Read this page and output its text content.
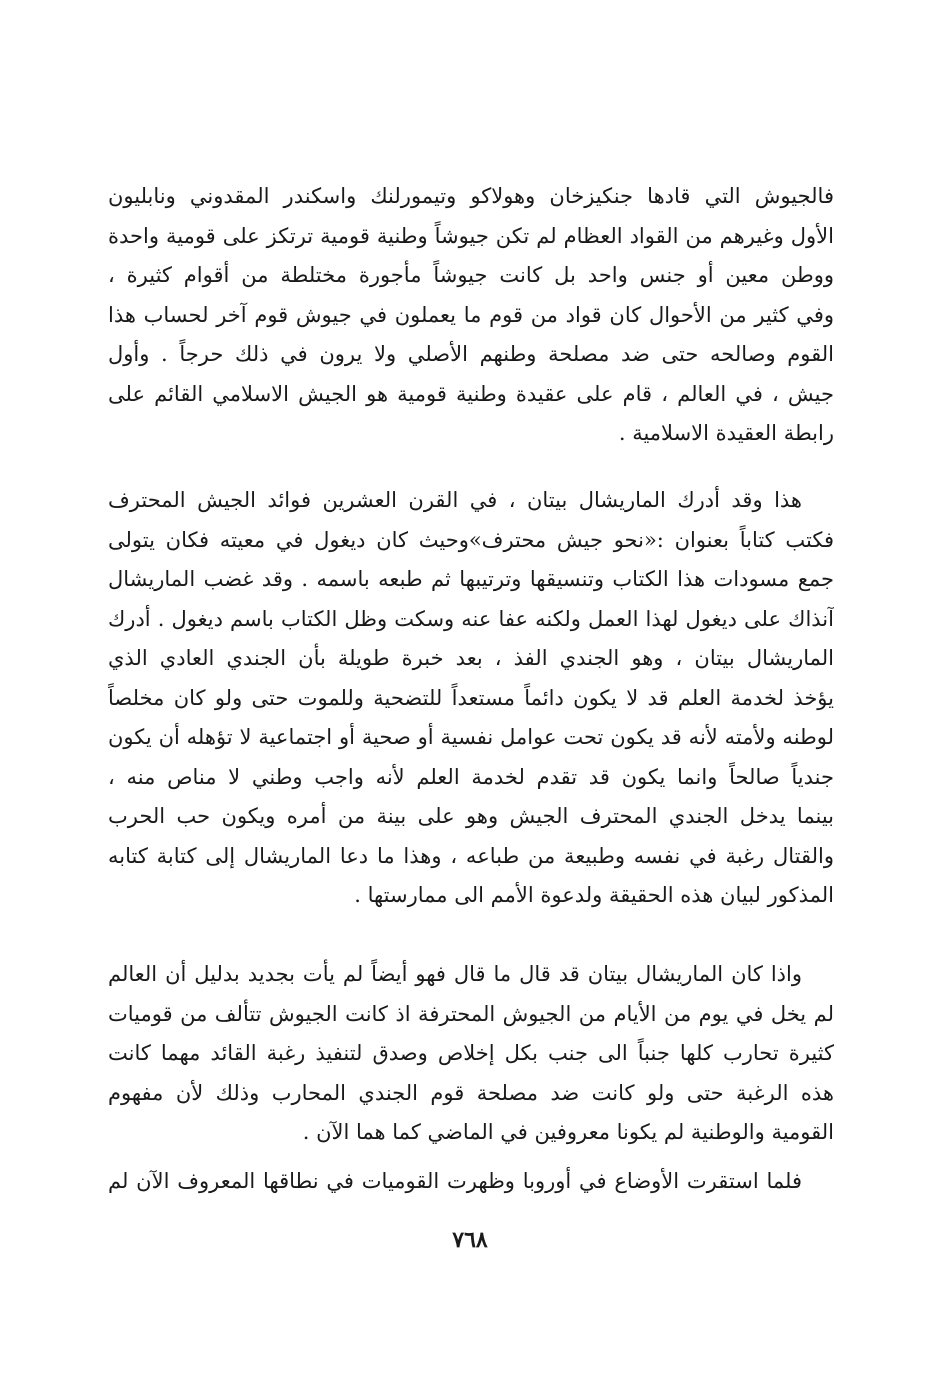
فالجيوش التي قادها جنكيزخان وهولاكو وتيمورلنك واسكندر المقدوني ونابليون
الأول وغيرهم من القواد العظام لم تكن جيوشاً وطنية قومية ترتكز على قومية واحدة
ووطن معين أو جنس واحد بل كانت جيوشاً مأجورة مختلطة من أقوام كثيرة ،
وفي كثير من الأحوال كان قواد من قوم ما يعملون في جيوش قوم آخر لحساب هذا
القوم وصالحه حتى ضد مصلحة وطنهم الأصلي ولا يرون في ذلك حرجاً . وأول
جيش ، في العالم ، قام على عقيدة وطنية قومية هو الجيش الاسلامي القائم على
رابطة العقيدة الاسلامية .
هذا وقد أدرك الماريشال بيتان ، في القرن العشرين فوائد الجيش المحترف
فكتب كتاباً بعنوان :«نحو جيش محترف»وحيث كان ديغول في معيته فكان يتولى
جمع مسودات هذا الكتاب وتنسيقها وترتيبها ثم طبعه باسمه . وقد غضب الماريشال
آنذاك على ديغول لهذا العمل ولكنه عفا عنه وسكت وظل الكتاب باسم ديغول . أدرك
الماريشال بيتان ، وهو الجندي الفذ ، بعد خبرة طويلة بأن الجندي العادي الذي
يؤخذ لخدمة العلم قد لا يكون دائماً مستعداً للتضحية وللموت حتى ولو كان مخلصاً
لوطنه ولأمته لأنه قد يكون تحت عوامل نفسية أو صحية أو اجتماعية لا تؤهله أن يكون
جندياً صالحاً وانما يكون قد تقدم لخدمة العلم لأنه واجب وطني لا مناص منه ،
بينما يدخل الجندي المحترف الجيش وهو على بينة من أمره ويكون حب الحرب
والقتال رغبة في نفسه وطبيعة من طباعه ، وهذا ما دعا الماريشال إلى كتابة كتابه
المذكور لبيان هذه الحقيقة ولدعوة الأمم الى ممارستها .
واذا كان الماريشال بيتان قد قال ما قال فهو أيضاً لم يأت بجديد بدليل أن العالم
لم يخل في يوم من الأيام من الجيوش المحترفة اذ كانت الجيوش تتألف من قوميات
كثيرة تحارب كلها جنباً الى جنب بكل إخلاص وصدق لتنفيذ رغبة القائد مهما كانت
هذه الرغبة حتى ولو كانت ضد مصلحة قوم الجندي المحارب وذلك لأن مفهوم
القومية والوطنية لم يكونا معروفين في الماضي كما هما الآن .
فلما استقرت الأوضاع في أوروبا وظهرت القوميات في نطاقها المعروف الآن لم
٧٦٨
